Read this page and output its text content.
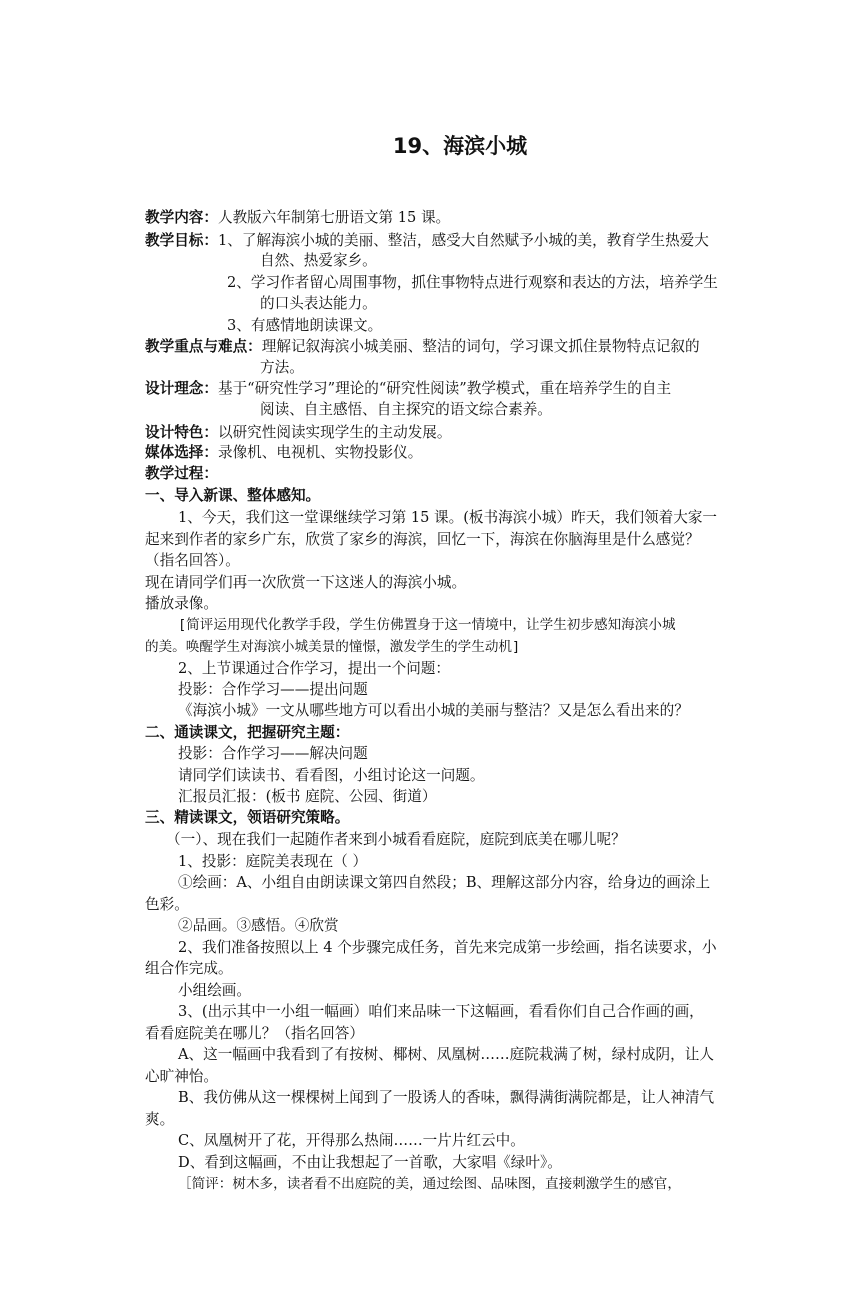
19、海滨小城
教学内容：人教版六年制第七册语文第 15 课。
教学目标：1、了解海滨小城的美丽、整洁，感受大自然赋予小城的美，教育学生热爱大
自然、热爱家乡。
2、学习作者留心周围事物，抓住事物特点进行观察和表达的方法，培养学生
的口头表达能力。
3、有感情地朗读课文。
教学重点与难点：理解记叙海滨小城美丽、整洁的词句，学习课文抓住景物特点记叙的
方法。
设计理念：基于“研究性学习”理论的“研究性阅读”教学模式，重在培养学生的自主
阅读、自主感悟、自主探究的语文综合素养。
设计特色：以研究性阅读实现学生的主动发展。
媒体选择：录像机、电视机、实物投影仪。
教学过程：
一、导入新课、整体感知。
1、今天，我们这一堂课继续学习第 15 课。(板书海滨小城）昨天，我们领着大家一
起来到作者的家乡广东，欣赏了家乡的海滨，回忆一下，海滨在你脑海里是什么感觉？
（指名回答）。
现在请同学们再一次欣赏一下这迷人的海滨小城。
播放录像。
[简评运用现代化教学手段，学生仿佛置身于这一情境中，让学生初步感知海滨小城
的美。唤醒学生对海滨小城美景的憧憬，激发学生的学生动机]
2、上节课通过合作学习，提出一个问题：
投影：合作学习——提出问题
《海滨小城》一文从哪些地方可以看出小城的美丽与整洁？又是怎么看出来的？
二、通读课文，把握研究主题：
投影：合作学习——解决问题
请同学们读读书、看看图，小组讨论这一问题。
汇报员汇报：(板书 庭院、公园、街道）
三、精读课文，领语研究策略。
（一）、现在我们一起随作者来到小城看看庭院，庭院到底美在哪儿呢？
1、投影：庭院美表现在（ ）
①绘画：A、小组自由朗读课文第四自然段；B、理解这部分内容，给身边的画涂上
色彩。
②品画。③感悟。④欣赏
2、我们准备按照以上 4 个步骤完成任务，首先来完成第一步绘画，指名读要求，小
组合作完成。
小组绘画。
3、(出示其中一小组一幅画）咱们来品味一下这幅画，看看你们自己合作画的画，
看看庭院美在哪儿？（指名回答）
A、这一幅画中我看到了有按树、椰树、凤凰树……庭院栽满了树，绿村成阴，让人
心旷神怡。
B、我仿佛从这一棵棵树上闻到了一股诱人的香味，飘得满街满院都是，让人神清气
爽。
C、凤凰树开了花，开得那么热闹……一片片红云中。
D、看到这幅画，不由让我想起了一首歌，大家唱《绿叶》。
［简评：树木多，读者看不出庭院的美，通过绘图、品味图，直接刺激学生的感官，
